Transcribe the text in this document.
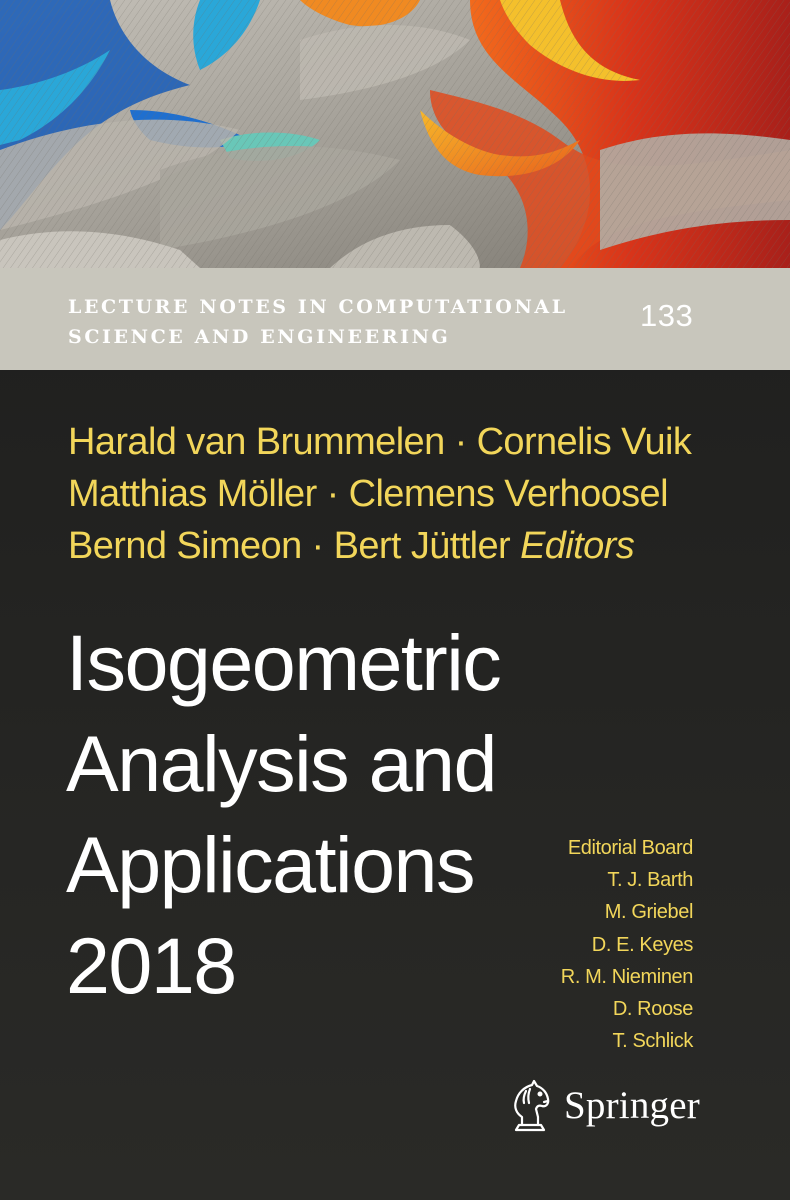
LECTURE NOTES IN COMPUTATIONAL
SCIENCE AND ENGINEERING
133
Harald van Brummelen · Cornelis Vuik
Matthias Möller · Clemens Verhoosel
Bernd Simeon · Bert Jüttler Editors
Isogeometric
Analysis and
Applications
2018
Editorial Board
T. J. Barth
M. Griebel
D. E. Keyes
R. M. Nieminen
D. Roose
T. Schlick
Springer
